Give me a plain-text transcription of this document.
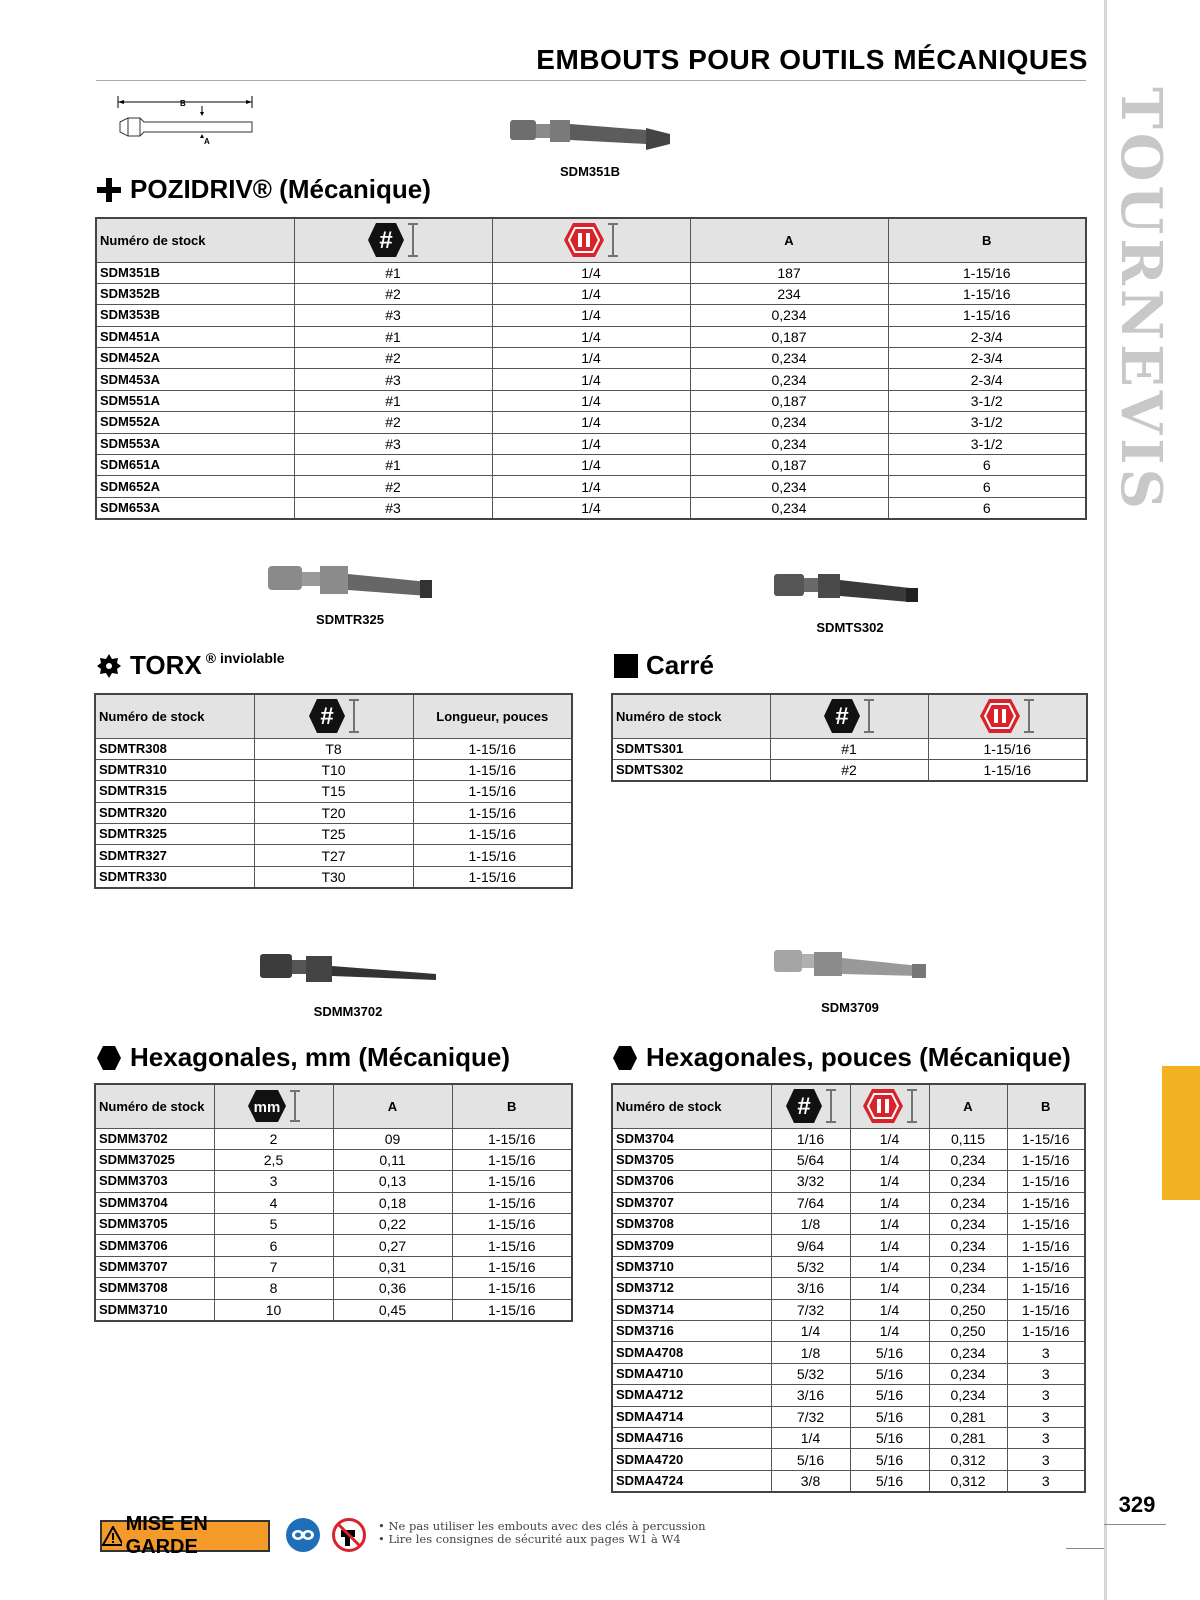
EMBOUTS POUR OUTILS MÉCANIQUES
TOURNEVIS
329
B
A
SDM351B
SDMTR325
SDMTS302
SDMM3702	SDM3709
POZIDRIV® (Mécanique)
TORX ® inviolable	Carré
Hexagonales, mm (Mécanique)	Hexagonales, pouces (Mécanique)
Numéro de stock	#		A	B
SDM351B	#1	1/4	187	1-15/16
SDM352B	#2	1/4	234	1-15/16
SDM353B	#3	1/4	0,234	1-15/16
SDM451A	#1	1/4	0,187	2-3/4
SDM452A	#2	1/4	0,234	2-3/4
SDM453A	#3	1/4	0,234	2-3/4
SDM551A	#1	1/4	0,187	3-1/2
SDM552A	#2	1/4	0,234	3-1/2
SDM553A	#3	1/4	0,234	3-1/2
SDM651A	#1	1/4	0,187	6
SDM652A	#2	1/4	0,234	6
SDM653A	#3	1/4	0,234	6
Numéro de stock	#	Longueur, pouces
SDMTR308	T8	1-15/16
SDMTR310	T10	1-15/16
SDMTR315	T15	1-15/16
SDMTR320	T20	1-15/16
SDMTR325	T25	1-15/16
SDMTR327	T27	1-15/16
SDMTR330	T30	1-15/16
Numéro de stock	#

SDMTS301	#1	1-15/16
SDMTS302	#2	1-15/16
Numéro de stock	mm	A	B
SDMM3702	2	09	1-15/16
SDMM37025	2,5	0,11	1-15/16
SDMM3703	3	0,13	1-15/16
SDMM3704	4	0,18	1-15/16
SDMM3705	5	0,22	1-15/16
SDMM3706	6	0,27	1-15/16
SDMM3707	7	0,31	1-15/16
SDMM3708	8	0,36	1-15/16
SDMM3710	10	0,45	1-15/16
Numéro de stock	#		A	B
SDM3704	1/16	1/4	0,115	1-15/16
SDM3705	5/64	1/4	0,234	1-15/16
SDM3706	3/32	1/4	0,234	1-15/16
SDM3707	7/64	1/4	0,234	1-15/16
SDM3708	1/8	1/4	0,234	1-15/16
SDM3709	9/64	1/4	0,234	1-15/16
SDM3710	5/32	1/4	0,234	1-15/16
SDM3712	3/16	1/4	0,234	1-15/16
SDM3714	7/32	1/4	0,250	1-15/16
SDM3716	1/4	1/4	0,250	1-15/16
SDMA4708	1/8	5/16	0,234	3
SDMA4710	5/32	5/16	0,234	3
SDMA4712	3/16	5/16	0,234	3
SDMA4714	7/32	5/16	0,281	3
SDMA4716	1/4	5/16	0,281	3
SDMA4720	5/16	5/16	0,312	3
SDMA4724	3/8	5/16	0,312	3
MISE EN GARDE
• Ne pas utiliser les embouts avec des clés à percussion
• Lire les consignes de sécurité aux pages W1 à W4
